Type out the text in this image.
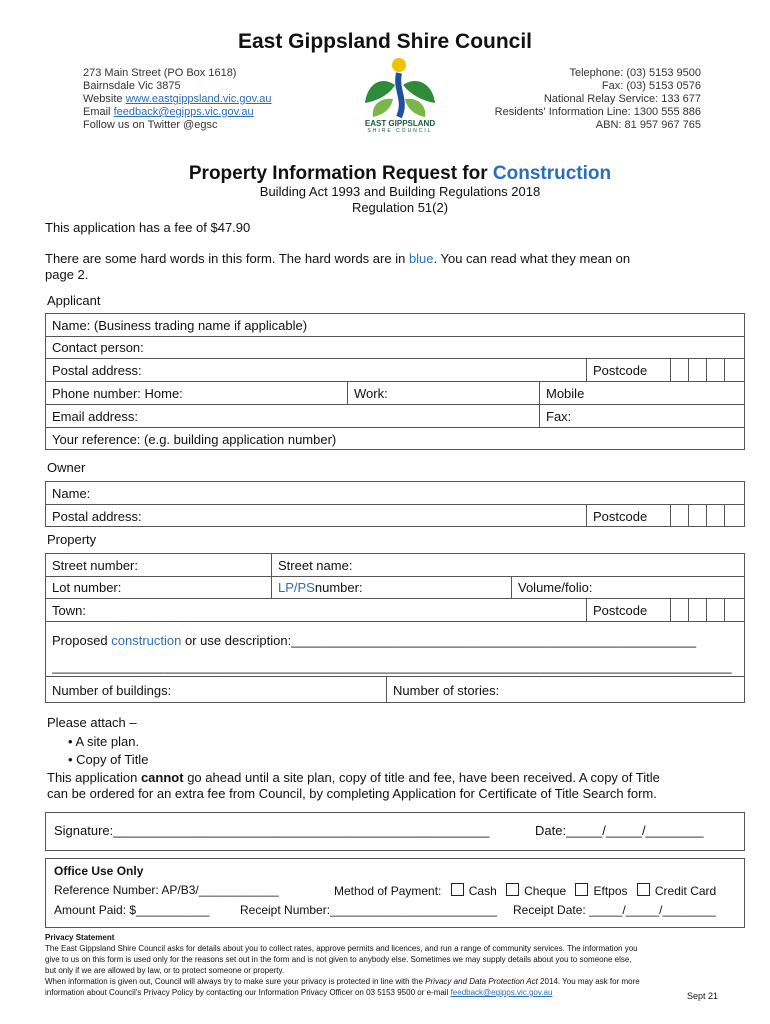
East Gippsland Shire Council
273 Main Street (PO Box 1618)
Bairnsdale Vic 3875
Website www.eastgippsland.vic.gov.au
Email feedback@egipps.vic.gov.au
Follow us on Twitter @egsc	EAST GIPPSLAND
SHIRE COUNCIL
Telephone: (03) 5153 9500
Fax: (03) 5153 0576
National Relay Service: 133 677
Residents' Information Line: 1300 555 886
ABN: 81 957 967 765
Property Information Request for Construction
Building Act 1993 and Building Regulations 2018
Regulation 51(2)
This application has a fee of $47.90
There are some hard words in this form. The hard words are in blue. You can read what they mean on
page 2.
Applicant
Name: (Business trading name if applicable)
Contact person:
Postal address:	Postcode
Phone number: Home:	Work:	Mobile
Email address:	Fax:
Your reference: (e.g. building application number)
Owner
Name:
Postal address:	Postcode
Property
Street number:	Street name:
Lot number:	LP/PS number:	Volume/folio:
Town:	Postcode
Proposed construction or use description:________________________________________________________
______________________________________________________________________________________________
Number of buildings:	Number of stories:
Please attach –
• A site plan.
• Copy of Title
This application cannot go ahead until a site plan, copy of title and fee, have been received. A copy of Title
can be ordered for an extra fee from Council, by completing Application for Certificate of Title Search form.
Signature:____________________________________________________	Date:_____/_____/________
Office Use Only
Reference Number: AP/B3/____________	Method of Payment: Cash Cheque Eftpos Credit Card
Amount Paid: $___________	Receipt Number:_________________________ Receipt Date: _____/_____/________
Privacy Statement
The East Gippsland Shire Council asks for details about you to collect rates, approve permits and licences, and run a range of community services. The information you
give to us on this form is used only for the reasons set out in the form and is not given to anybody else. Sometimes we may supply details about you to someone else,
but only if we are allowed by law, or to protect someone or property.
When information is given out, Council will always try to make sure your privacy is protected in line with the Privacy and Data Protection Act 2014. You may ask for more
information about Council's Privacy Policy by contacting our Information Privacy Officer on 03 5153 9500 or e-mail feedback@egipps.vic.gov.au	Sept 21
